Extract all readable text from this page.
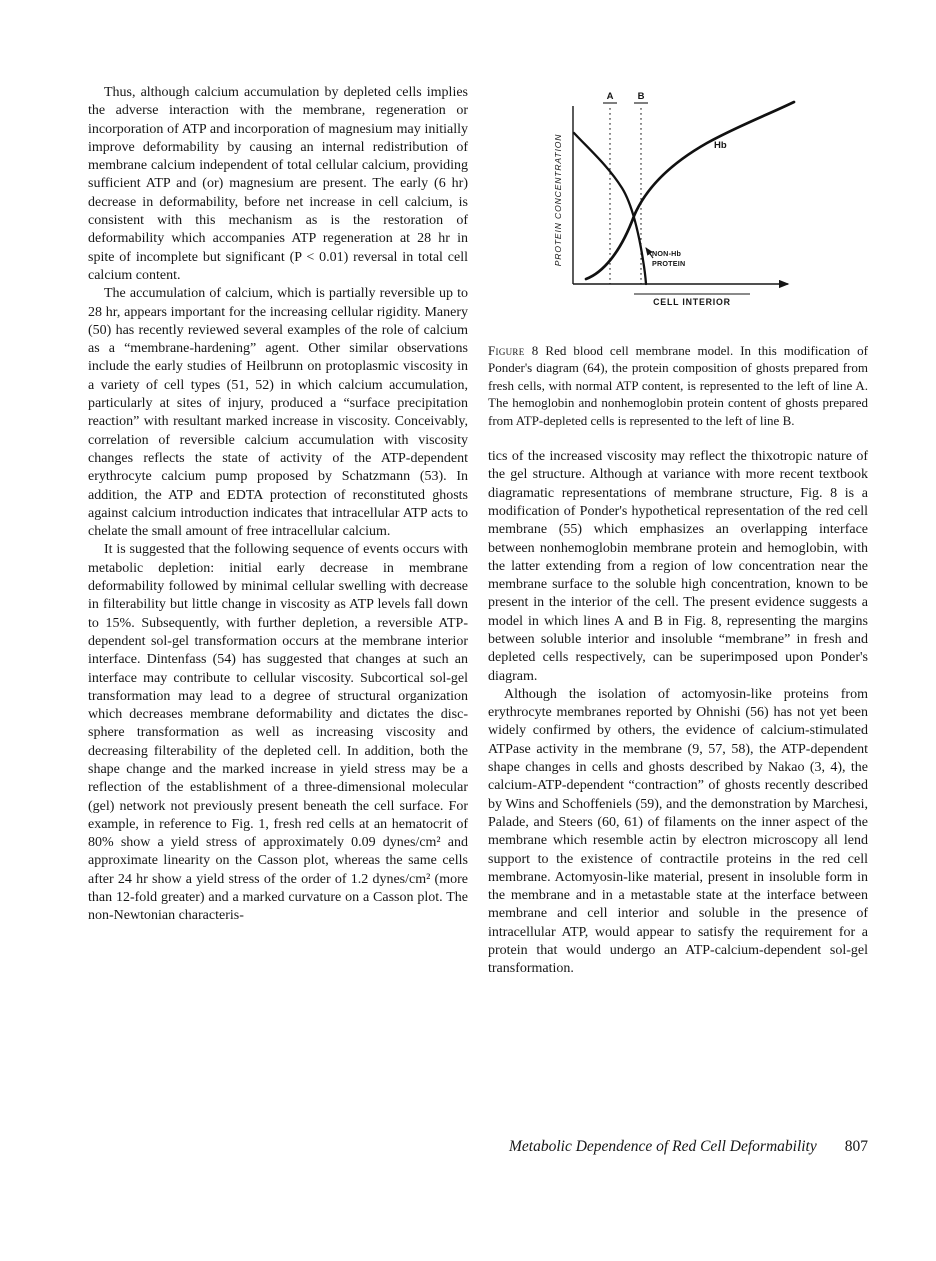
Thus, although calcium accumulation by depleted cells implies the adverse interaction with the membrane, regeneration or incorporation of ATP and incorporation of magnesium may initially improve deformability by causing an internal redistribution of membrane calcium independent of total cellular calcium, providing sufficient ATP and (or) magnesium are present. The early (6 hr) decrease in deformability, before net increase in cell calcium, is consistent with this mechanism as is the restoration of deformability which accompanies ATP regeneration at 28 hr in spite of incomplete but significant (P < 0.01) reversal in total cell calcium content.

The accumulation of calcium, which is partially reversible up to 28 hr, appears important for the increasing cellular rigidity. Manery (50) has recently reviewed several examples of the role of calcium as a “membrane-hardening” agent. Other similar observations include the early studies of Heilbrunn on protoplasmic viscosity in a variety of cell types (51, 52) in which calcium accumulation, particularly at sites of injury, produced a “surface precipitation reaction” with resultant marked increase in viscosity. Conceivably, correlation of reversible calcium accumulation with viscosity changes reflects the state of activity of the ATP-dependent erythrocyte calcium pump proposed by Schatzmann (53). In addition, the ATP and EDTA protection of reconstituted ghosts against calcium introduction indicates that intracellular ATP acts to chelate the small amount of free intracellular calcium.

It is suggested that the following sequence of events occurs with metabolic depletion: initial early decrease in membrane deformability followed by minimal cellular swelling with decrease in filterability but little change in viscosity as ATP levels fall down to 15%. Subsequently, with further depletion, a reversible ATP-dependent sol-gel transformation occurs at the membrane interior interface. Dintenfass (54) has suggested that changes at such an interface may contribute to cellular viscosity. Subcortical sol-gel transformation may lead to a degree of structural organization which decreases membrane deformability and dictates the disc-sphere transformation as well as increasing viscosity and decreasing filterability of the depleted cell. In addition, both the shape change and the marked increase in yield stress may be a reflection of the establishment of a three-dimensional molecular (gel) network not previously present beneath the cell surface. For example, in reference to Fig. 1, fresh red cells at an hematocrit of 80% show a yield stress of approximately 0.09 dynes/cm² and approximate linearity on the Casson plot, whereas the same cells after 24 hr show a yield stress of the order of 1.2 dynes/cm² (more than 12-fold greater) and a marked curvature on a Casson plot. The non-Newtonian characteris-

PROTEIN CONCENTRATION
CELL INTERIOR
A	B
Hb
NON-Hb
PROTEIN
Figure 8 Red blood cell membrane model. In this modification of Ponder's diagram (64), the protein composition of ghosts prepared from fresh cells, with normal ATP content, is represented to the left of line A. The hemoglobin and nonhemoglobin protein content of ghosts prepared from ATP-depleted cells is represented to the left of line B.

tics of the increased viscosity may reflect the thixotropic nature of the gel structure. Although at variance with more recent textbook diagramatic representations of membrane structure, Fig. 8 is a modification of Ponder's hypothetical representation of the red cell membrane (55) which emphasizes an overlapping interface between nonhemoglobin membrane protein and hemoglobin, with the latter extending from a region of low concentration near the membrane surface to the soluble high concentration, known to be present in the interior of the cell. The present evidence suggests a model in which lines A and B in Fig. 8, representing the margins between soluble interior and insoluble “membrane” in fresh and depleted cells respectively, can be superimposed upon Ponder's diagram.

Although the isolation of actomyosin-like proteins from erythrocyte membranes reported by Ohnishi (56) has not yet been widely confirmed by others, the evidence of calcium-stimulated ATPase activity in the membrane (9, 57, 58), the ATP-dependent shape changes in cells and ghosts described by Nakao (3, 4), the calcium-ATP-dependent “contraction” of ghosts recently described by Wins and Schoffeniels (59), and the demonstration by Marchesi, Palade, and Steers (60, 61) of filaments on the inner aspect of the membrane which resemble actin by electron microscopy all lend support to the existence of contractile proteins in the red cell membrane. Actomyosin-like material, present in insoluble form in the membrane and in a metastable state at the interface between membrane and cell interior and soluble in the presence of intracellular ATP, would appear to satisfy the requirement for a protein that would undergo an ATP-calcium-dependent sol-gel transformation.

Metabolic Dependence of Red Cell Deformability 807
